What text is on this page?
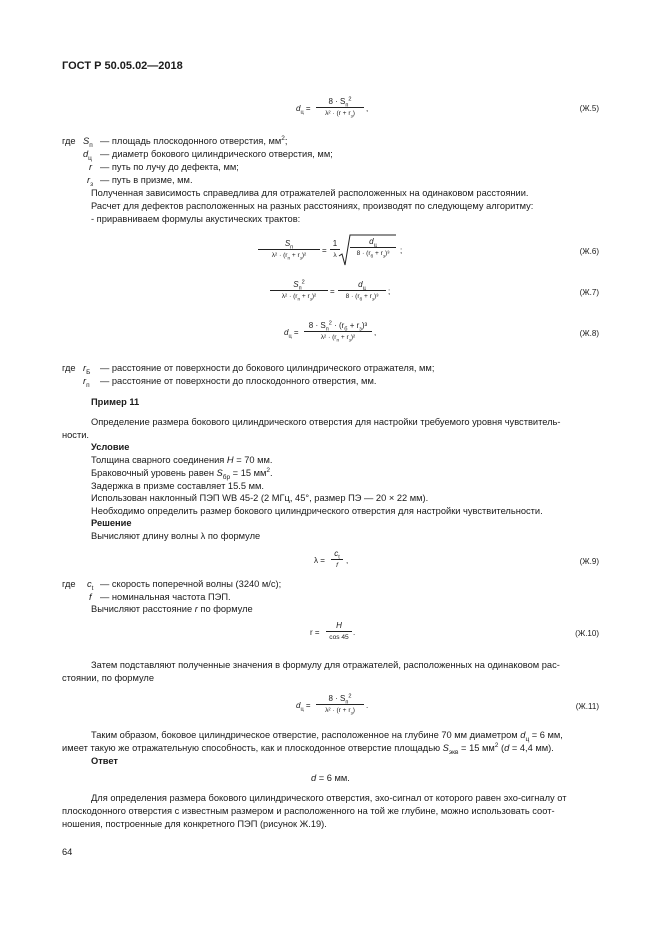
ГОСТ Р 50.05.02—2018
$d_ц$ =
$8 \cdot S_п^2$
$\lambda^2 \cdot (r + r_з)$
,	(Ж.5)
где $S_п$ — площадь плоскодонного отверстия, $мм^2$;
$d_ц$ — диаметр бокового цилиндрического отверстия, мм;
r — путь по лучу до дефекта, мм;
$r_з$ — путь в призме, мм.
Полученная зависимость справедлива для отражателей расположенных на одинаковом расстоянии.
Расчет для дефектов расположенных на разных расстояниях, производят по следующему алгоритму:
- приравниваем формулы акустических трактов:
$S_п$
$\lambda^2 \cdot (r_п + r_з)^2$
=
1
λ
$d_ц$
$8 \cdot (r_б + r_з)^3$	;	(Ж.6)
$S_п^2$
$\lambda^2 \cdot (r_п + r_з)^2$
=
$d_ц$
$8 \cdot (r_б + r_з)^3$
;	(Ж.7)
$d_ц$ =
$8 \cdot S_п^2 \cdot (r_б + r_з)^3$
$\lambda^2 \cdot (r_п + r_з)^2$
,	(Ж.8)
где $r_Б$ — расстояние от поверхности до бокового цилиндрического отражателя, мм;
$r_п$ — расстояние от поверхности до плоскодонного отверстия, мм.
Пример 11
Определение размера бокового цилиндрического отверстия для настройки требуемого уровня чувствитель-
ности.
Условие
Толщина сварного соединения H = 70 мм.
Браковочный уровень равен $S_{бр} = 15$ $мм^2$.
Задержка в призме составляет 15.5 мм.
Использован наклонный ПЭП WB 45-2 (2 МГц, 45°, размер ПЭ — 20 × 22 мм).
Необходимо определить размер бокового цилиндрического отверстия для настройки чувствительности.
Решение
Вычисляют длину волны λ по формуле
λ =
$c_t$
f
,	(Ж.9)
где $c_t$ — скорость поперечной волны (3240 м/с);
f — номинальная частота ПЭП.
Вычисляют расстояние r по формуле
r =
H
cos 45
.	(Ж.10)
Затем подставляют полученные значения в формулу для отражателей, расположенных на одинаковом рас-
стоянии, по формуле
$d_ц$ =
$8 \cdot S_п^2$
$\lambda^2 \cdot (r + r_з)$
.	(Ж.11)
Таким образом, боковое цилиндрическое отверстие, расположенное на глубине 70 мм диаметром $d_ц = 6$ мм,
имеет такую же отражательную способность, как и плоскодонное отверстие площадью $S_{экв} = 15$ $мм^2$ (d = 4,4 мм).
Ответ
d = 6 мм.
Для определения размера бокового цилиндрического отверстия, эхо-сигнал от которого равен эхо-сигналу от
плоскодонного отверстия с известным размером и расположенного на той же глубине, можно использовать соот-
ношения, построенные для конкретного ПЭП (рисунок Ж.19).
64
